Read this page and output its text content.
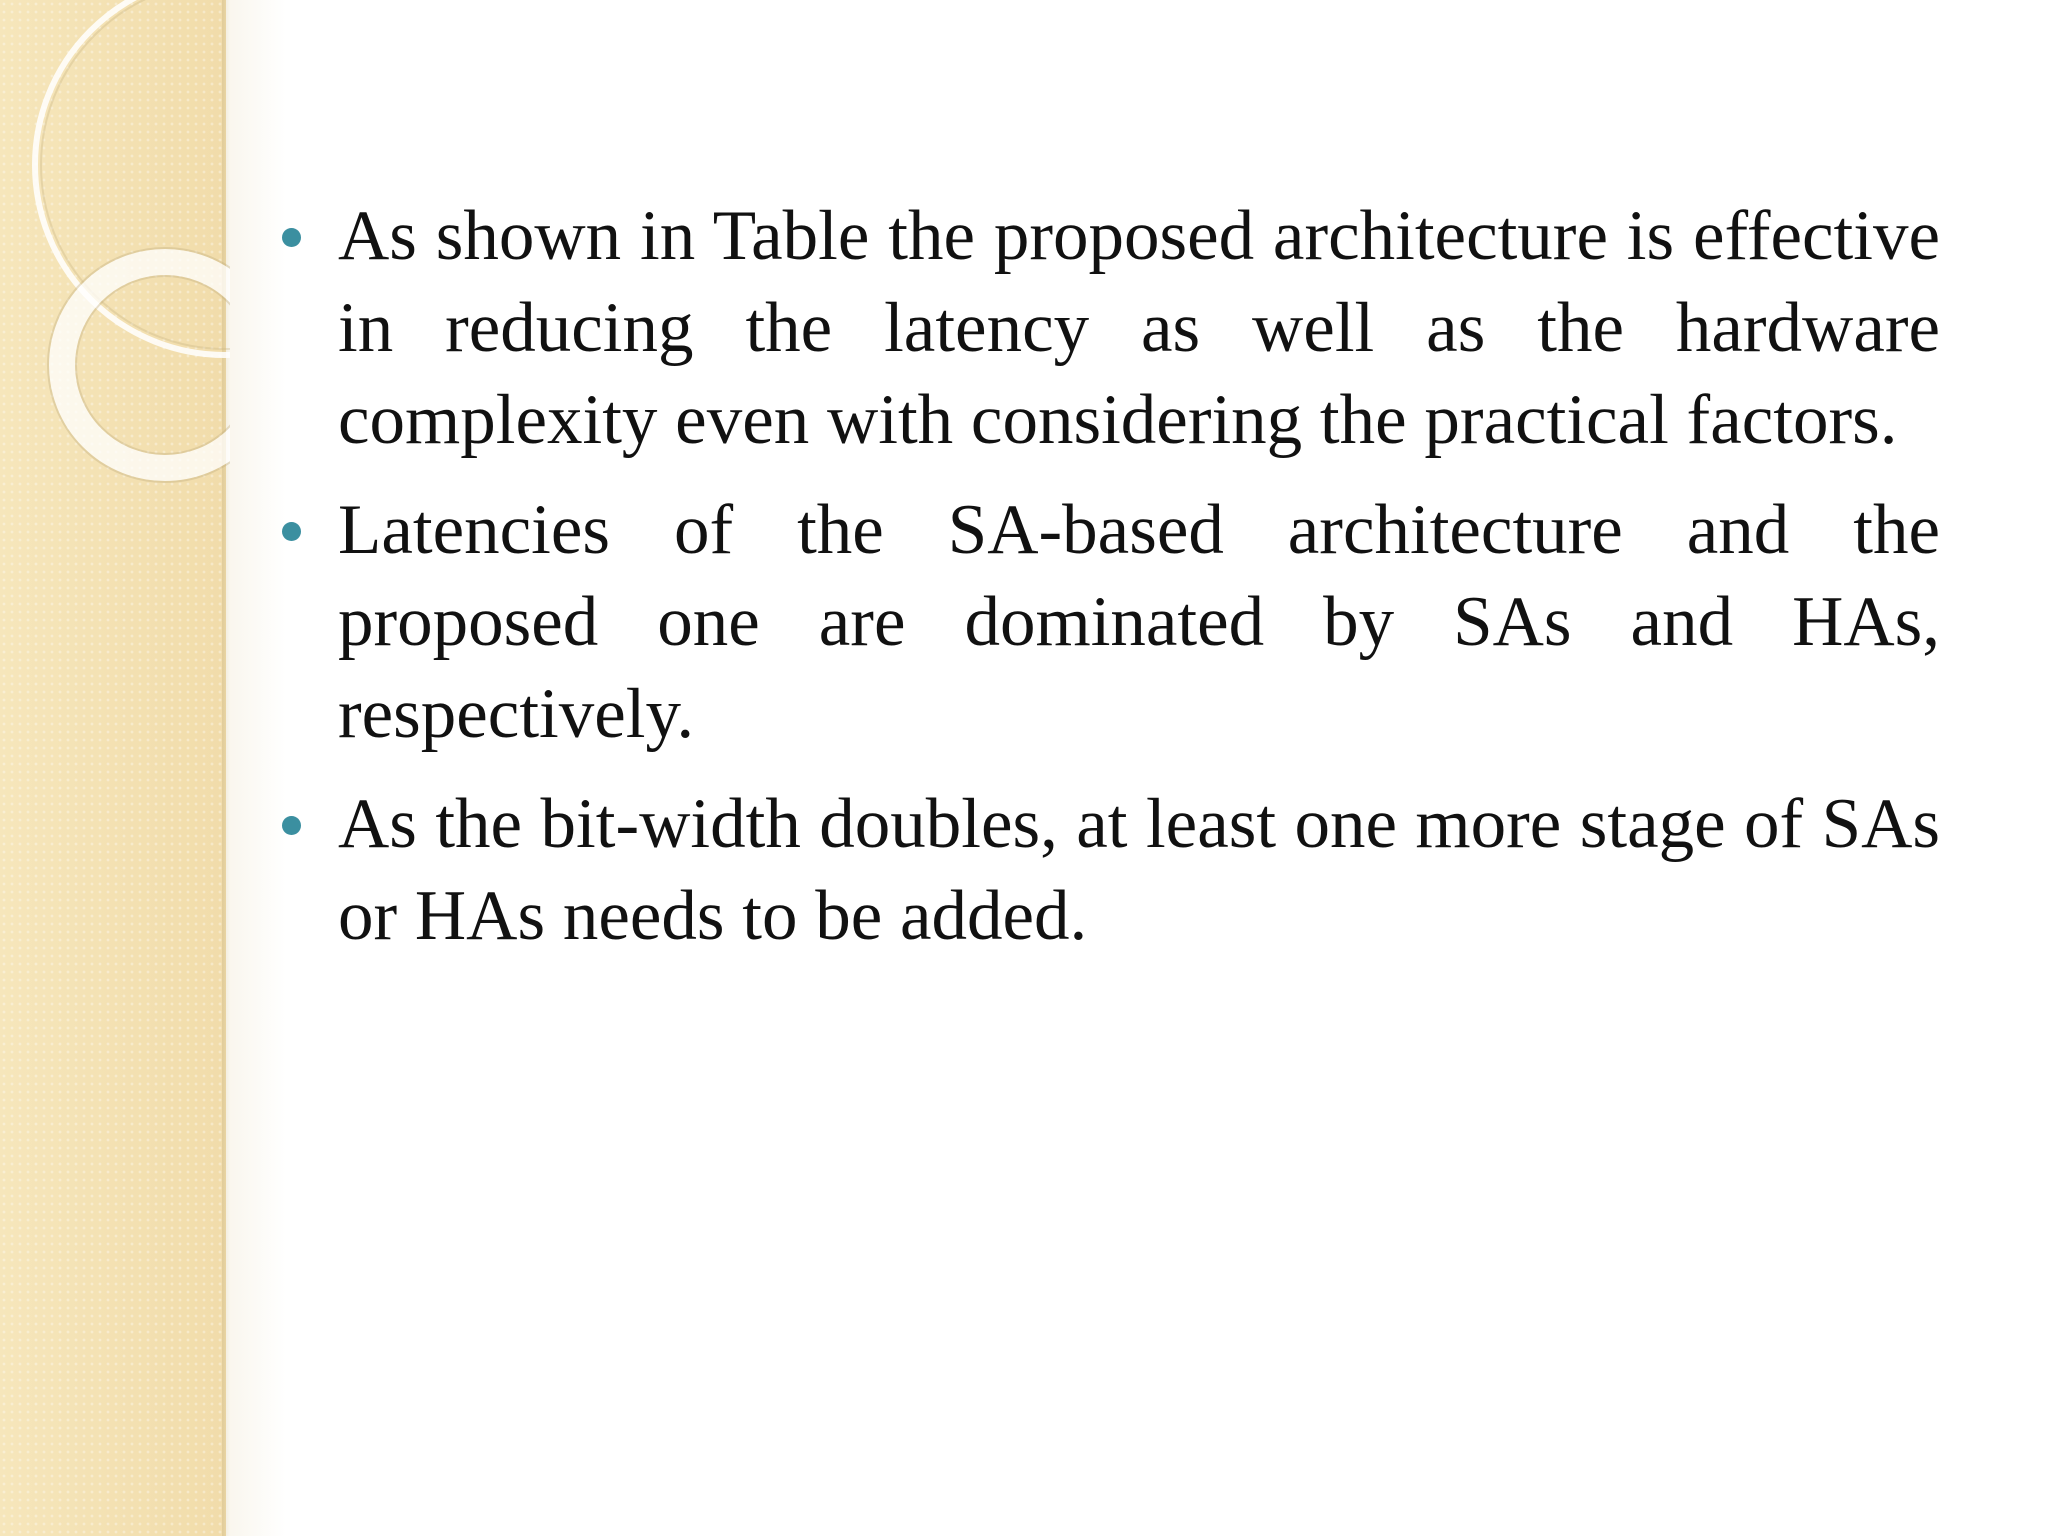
As shown in Table the proposed architecture is effective in reducing the latency as well as the hardware complexity even with considering the practical factors.
Latencies of the SA-based architecture and the proposed one are dominated by SAs and HAs, respectively.
As the bit-width doubles, at least one more stage of SAs or HAs needs to be added.
